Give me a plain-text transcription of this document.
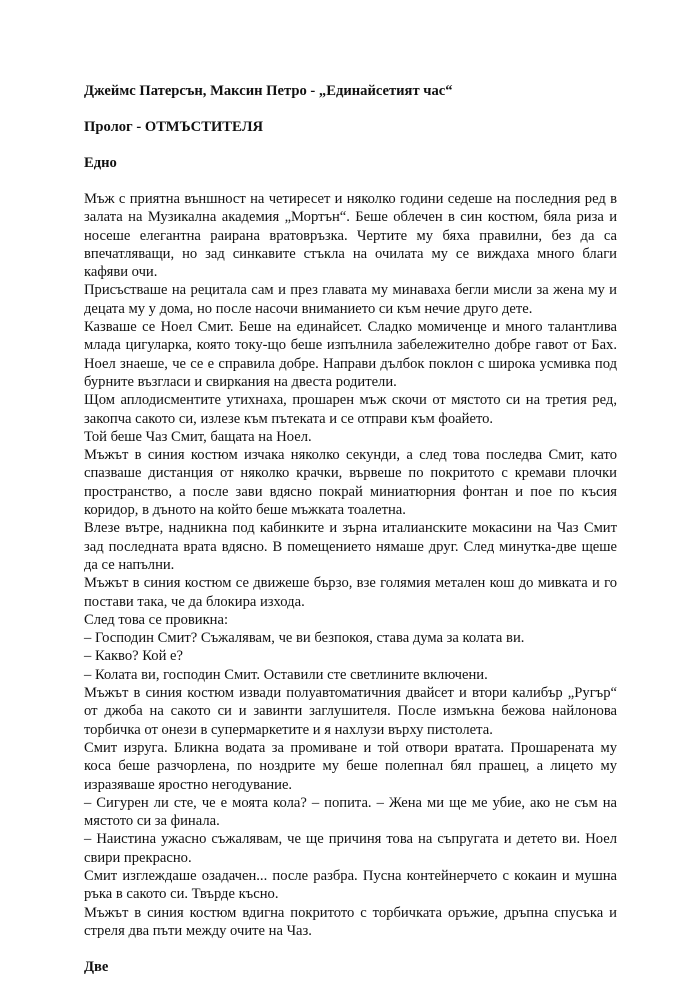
Джеймс Патерсън, Максин Петро - „Единайсетият час“

Пролог - ОТМЪСТИТЕЛЯ

Едно

Мъж с приятна външност на четиресет и няколко години седеше на последния ред в залата на Музикална академия „Мортън“. Беше облечен в син костюм, бяла риза и носеше елегантна раирана вратовръзка. Чертите му бяха правилни, без да са впечатляващи, но зад синкавите стъкла на очилата му се виждаха много благи кафяви очи.

Присъстваше на рецитала сам и през главата му минаваха бегли мисли за жена му и децата му у дома, но после насочи вниманието си към нечие друго дете.

Казваше се Ноел Смит. Беше на единайсет. Сладко момиченце и много талантлива млада цигуларка, която току-що беше изпълнила забележително добре гавот от Бах. Ноел знаеше, че се е справила добре. Направи дълбок поклон с широка усмивка под бурните възгласи и свиркания на двеста родители.

Щом аплодисментите утихнаха, прошарен мъж скочи от мястото си на третия ред, закопча сакото си, излезе към пътеката и се отправи към фоайето.

Той беше Чаз Смит, бащата на Ноел.

Мъжът в синия костюм изчака няколко секунди, а след това последва Смит, като спазваше дистанция от няколко крачки, вървеше по покритото с кремави плочки пространство, а после зави вдясно покрай миниатюрния фонтан и пое по късия коридор, в дъното на който беше мъжката тоалетна.

Влезе вътре, надникна под кабинките и зърна италианските мокасини на Чаз Смит зад последната врата вдясно. В помещението нямаше друг. След минутка-две щеше да се напълни.

Мъжът в синия костюм се движеше бързо, взе голямия метален кош до мивката и го постави така, че да блокира изхода.

След това се провикна:

– Господин Смит? Съжалявам, че ви безпокоя, става дума за колата ви.

– Какво? Кой е?

– Колата ви, господин Смит. Оставили сте светлините включени.

Мъжът в синия костюм извади полуавтоматичния двайсет и втори калибър „Ругър“ от джоба на сакото си и завинти заглушителя. После измъкна бежова найлонова торбичка от онези в супермаркетите и я нахлузи върху пистолета.

Смит изруга. Бликна водата за промиване и той отвори вратата. Прошарената му коса беше разчорлена, по ноздрите му беше полепнал бял прашец, а лицето му изразяваше яростно негодувание.

– Сигурен ли сте, че е моята кола? – попита. – Жена ми ще ме убие, ако не съм на мястото си за финала.

– Наистина ужасно съжалявам, че ще причиня това на съпругата и детето ви. Ноел свири прекрасно.

Смит изглеждаше озадачен... после разбра. Пусна контейнерчето с кокаин и мушна ръка в сакото си. Твърде късно.

Мъжът в синия костюм вдигна покритото с торбичката оръжие, дръпна спусъка и стреля два пъти между очите на Чаз.

Две
